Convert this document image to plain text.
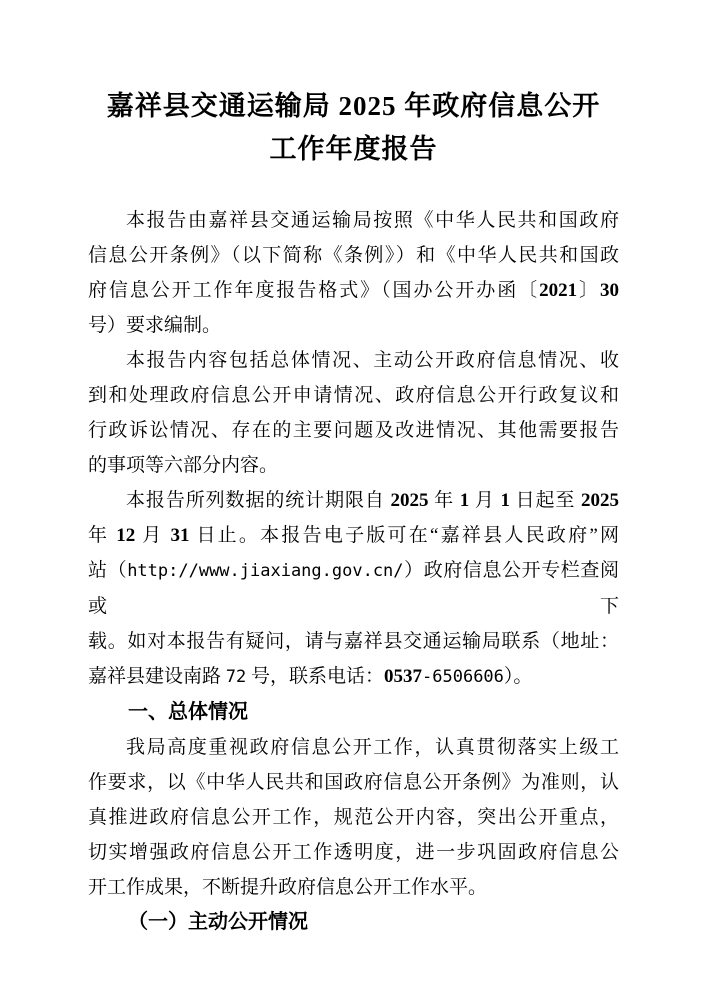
嘉祥县交通运输局 2025 年政府信息公开
工作年度报告
本报告由嘉祥县交通运输局按照《中华人民共和国政府
信息公开条例》（以下简称《条例》）和《中华人民共和国政
府信息公开工作年度报告格式》（国办公开办函〔2021〕30
号）要求编制。
本报告内容包括总体情况、主动公开政府信息情况、收
到和处理政府信息公开申请情况、政府信息公开行政复议和
行政诉讼情况、存在的主要问题及改进情况、其他需要报告
的事项等六部分内容。
本报告所列数据的统计期限自 2025 年 1 月 1 日起至 2025
年 12 月 31 日止。本报告电子版可在“嘉祥县人民政府”网
站（http://www.jiaxiang.gov.cn/）政府信息公开专栏查阅或下
载。如对本报告有疑问，请与嘉祥县交通运输局联系（地址：
嘉祥县建设南路 72 号，联系电话：0537-6506606）。
一、总体情况
我局高度重视政府信息公开工作，认真贯彻落实上级工
作要求，以《中华人民共和国政府信息公开条例》为准则，认
真推进政府信息公开工作，规范公开内容，突出公开重点，
切实增强政府信息公开工作透明度，进一步巩固政府信息公
开工作成果，不断提升政府信息公开工作水平。
（一）主动公开情况
